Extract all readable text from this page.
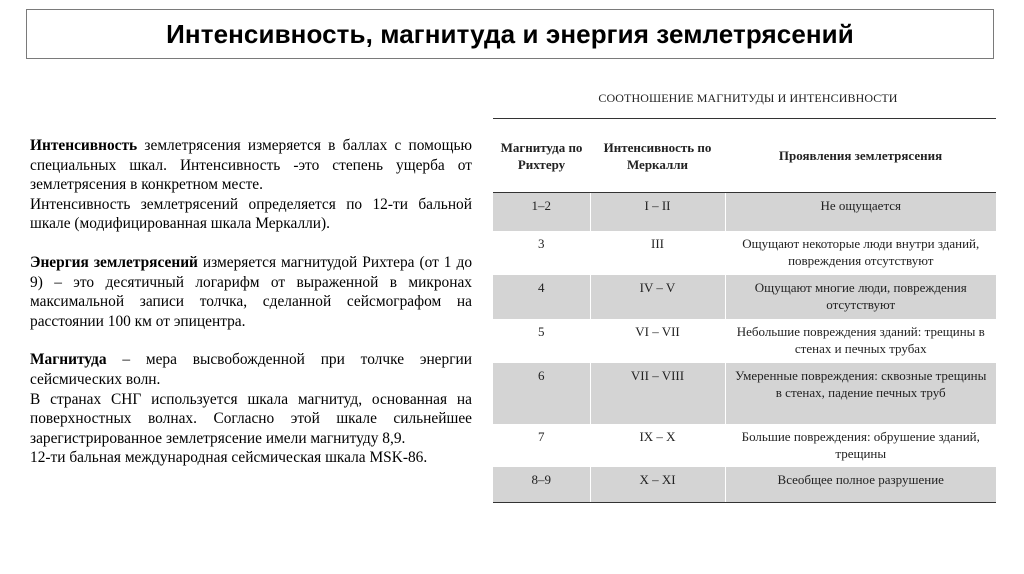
Интенсивность, магнитуда и энергия землетрясений

Интенсивность землетрясения измеряется в баллах с помощью специальных шкал. Интенсивность -это степень ущерба от землетрясения в конкретном месте.

Интенсивность землетрясений определяется по 12-ти бальной шкале (модифицированная шкала Меркалли).

Энергия землетрясений измеряется магнитудой Рихтера (от 1 до 9) – это десятичный логарифм от выраженной в микронах максимальной записи толчка, сделанной сейсмографом на расстоянии 100 км от эпицентра.

Магнитуда – мера высвобожденной при толчке энергии сейсмических волн.

В странах СНГ используется шкала магнитуд, основанная на поверхностных волнах. Согласно этой шкале сильнейшее зарегистрированное землетрясение имели магнитуду 8,9.

12-ти бальная международная сейсмическая шкала MSK-86.

СООТНОШЕНИЕ МАГНИТУДЫ И ИНТЕНСИВНОСТИ
Магнитуда по Рихтеру	Интенсивность по Меркалли	Проявления землетрясения
1–2	I – II	Не ощущается
3	III	Ощущают некоторые люди внутри зданий, повреждения отсутствуют
4	IV – V	Ощущают многие люди, повреждения отсутствуют
5	VI – VII	Небольшие повреждения зданий: трещины в стенах и печных трубах
6	VII – VIII	Умеренные повреждения: сквозные трещины в стенах, падение печных труб
7	IX – X	Большие повреждения: обрушение зданий, трещины
8–9	X – XI	Всеобщее полное разрушение
